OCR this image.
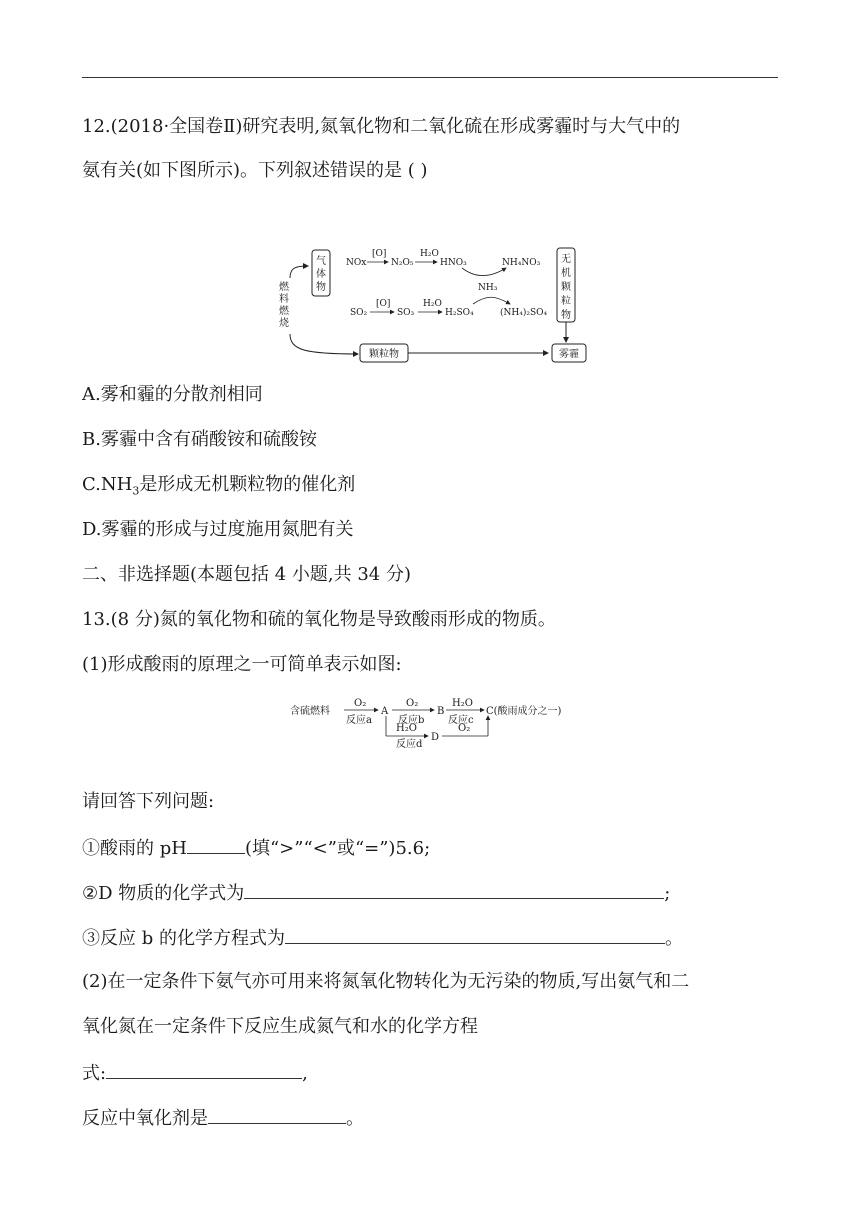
12.(2018·全国卷Ⅱ)研究表明,氮氧化物和二氧化硫在形成雾霾时与大气中的
氨有关(如下图所示)。下列叙述错误的是 ( )
燃
料
燃
烧
气
体
物
NOx
[O]
N₂O₅
H₂O
HNO₃	NH₄NO₃
NH₃
SO₂
[O]
SO₃
H₂O
H₂SO₄	(NH₄)₂SO₄
无
机
颗
粒
物
颗粒物	雾霾
A.雾和霾的分散剂相同
B.雾霾中含有硝酸铵和硫酸铵
$C.NH_3$是形成无机颗粒物的催化剂
D.雾霾的形成与过度施用氮肥有关
二、非选择题(本题包括 4 小题,共 34 分)
13.(8 分)氮的氧化物和硫的氧化物是导致酸雨形成的物质。
(1)形成酸雨的原理之一可简单表示如图:
含硫燃料
O₂
反应a
A
O₂
反应b
B
H₂O
反应c
C(酸雨成分之一)
H₂O
反应d
D
O₂
请回答下列问题:
①酸雨的 pH	(填“>”“<”或“=”)5.6;
②D 物质的化学式为	;
③反应 b 的化学方程式为	。
(2)在一定条件下氨气亦可用来将氮氧化物转化为无污染的物质,写出氨气和二
氧化氮在一定条件下反应生成氮气和水的化学方程
式:	,
反应中氧化剂是	。
